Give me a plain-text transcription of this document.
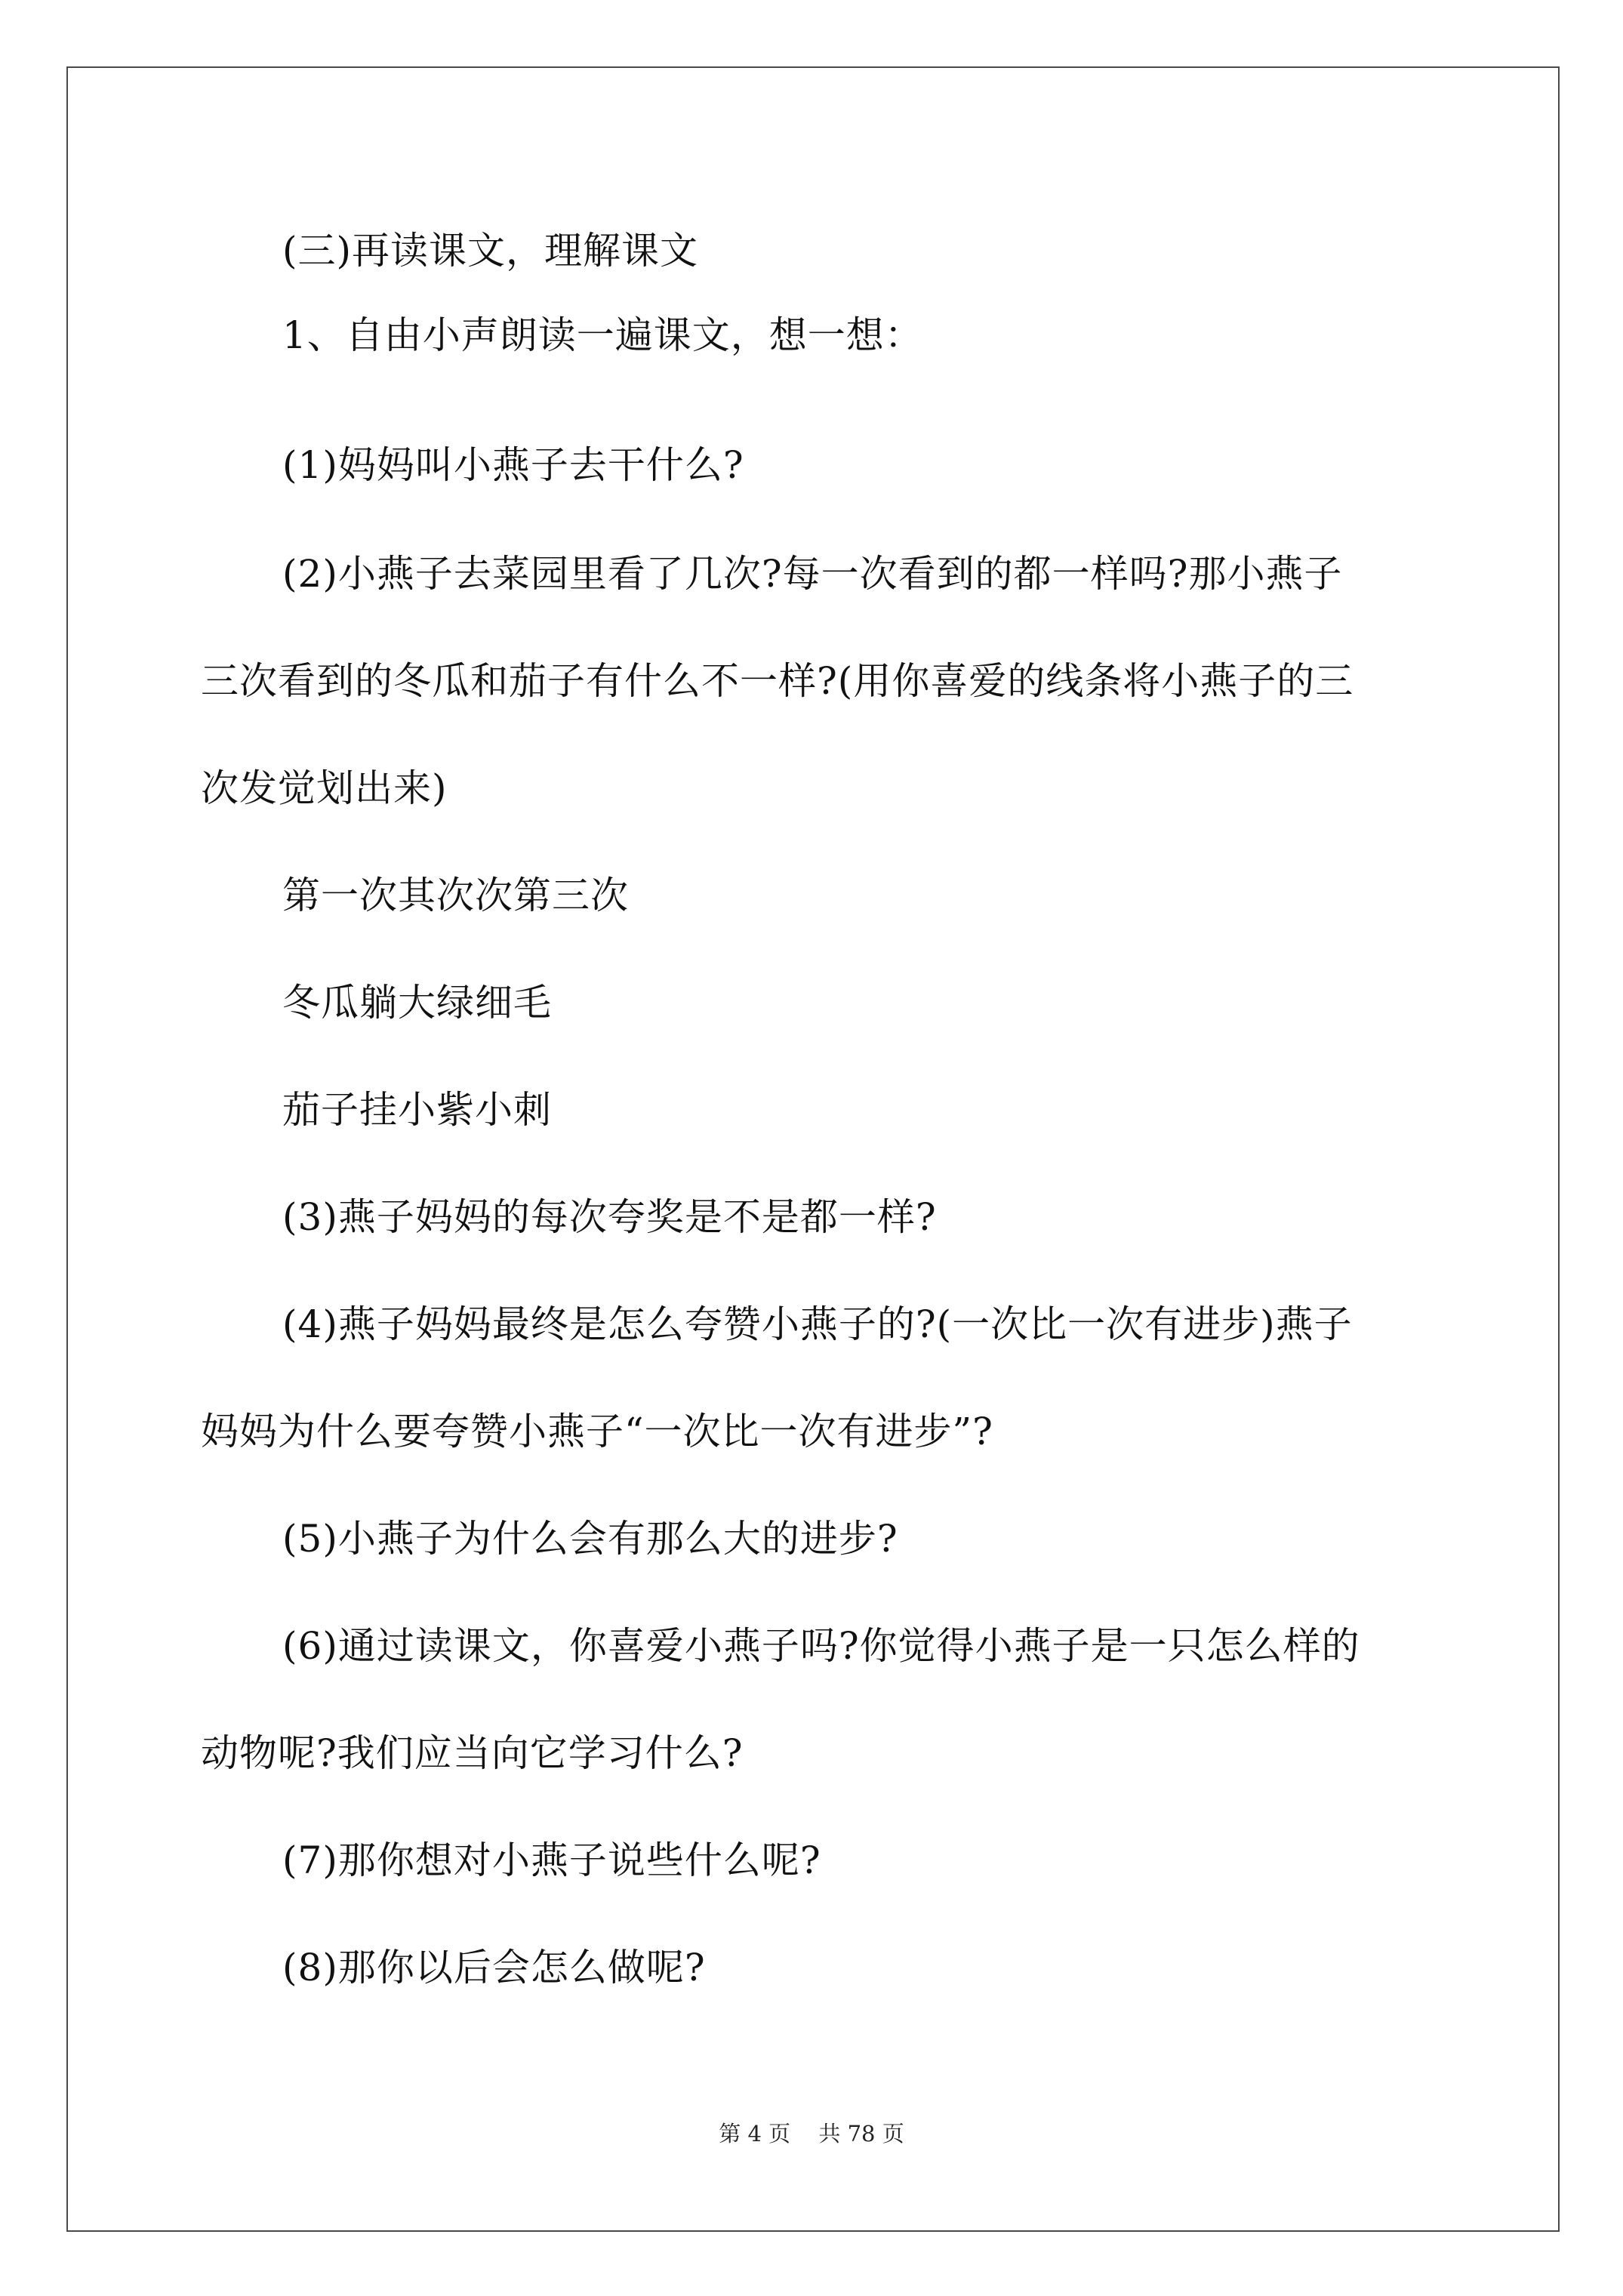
(三)再读课文，理解课文
1、自由小声朗读一遍课文，想一想：
(1)妈妈叫小燕子去干什么?
(2)小燕子去菜园里看了几次?每一次看到的都一样吗?那小燕子
三次看到的冬瓜和茄子有什么不一样?(用你喜爱的线条将小燕子的三
次发觉划出来)
第一次其次次第三次
冬瓜躺大绿细毛
茄子挂小紫小刺
(3)燕子妈妈的每次夸奖是不是都一样?
(4)燕子妈妈最终是怎么夸赞小燕子的?(一次比一次有进步)燕子
妈妈为什么要夸赞小燕子“一次比一次有进步”?
(5)小燕子为什么会有那么大的进步?
(6)通过读课文，你喜爱小燕子吗?你觉得小燕子是一只怎么样的
动物呢?我们应当向它学习什么?
(7)那你想对小燕子说些什么呢?
(8)那你以后会怎么做呢?
第 4 页 共 78 页
